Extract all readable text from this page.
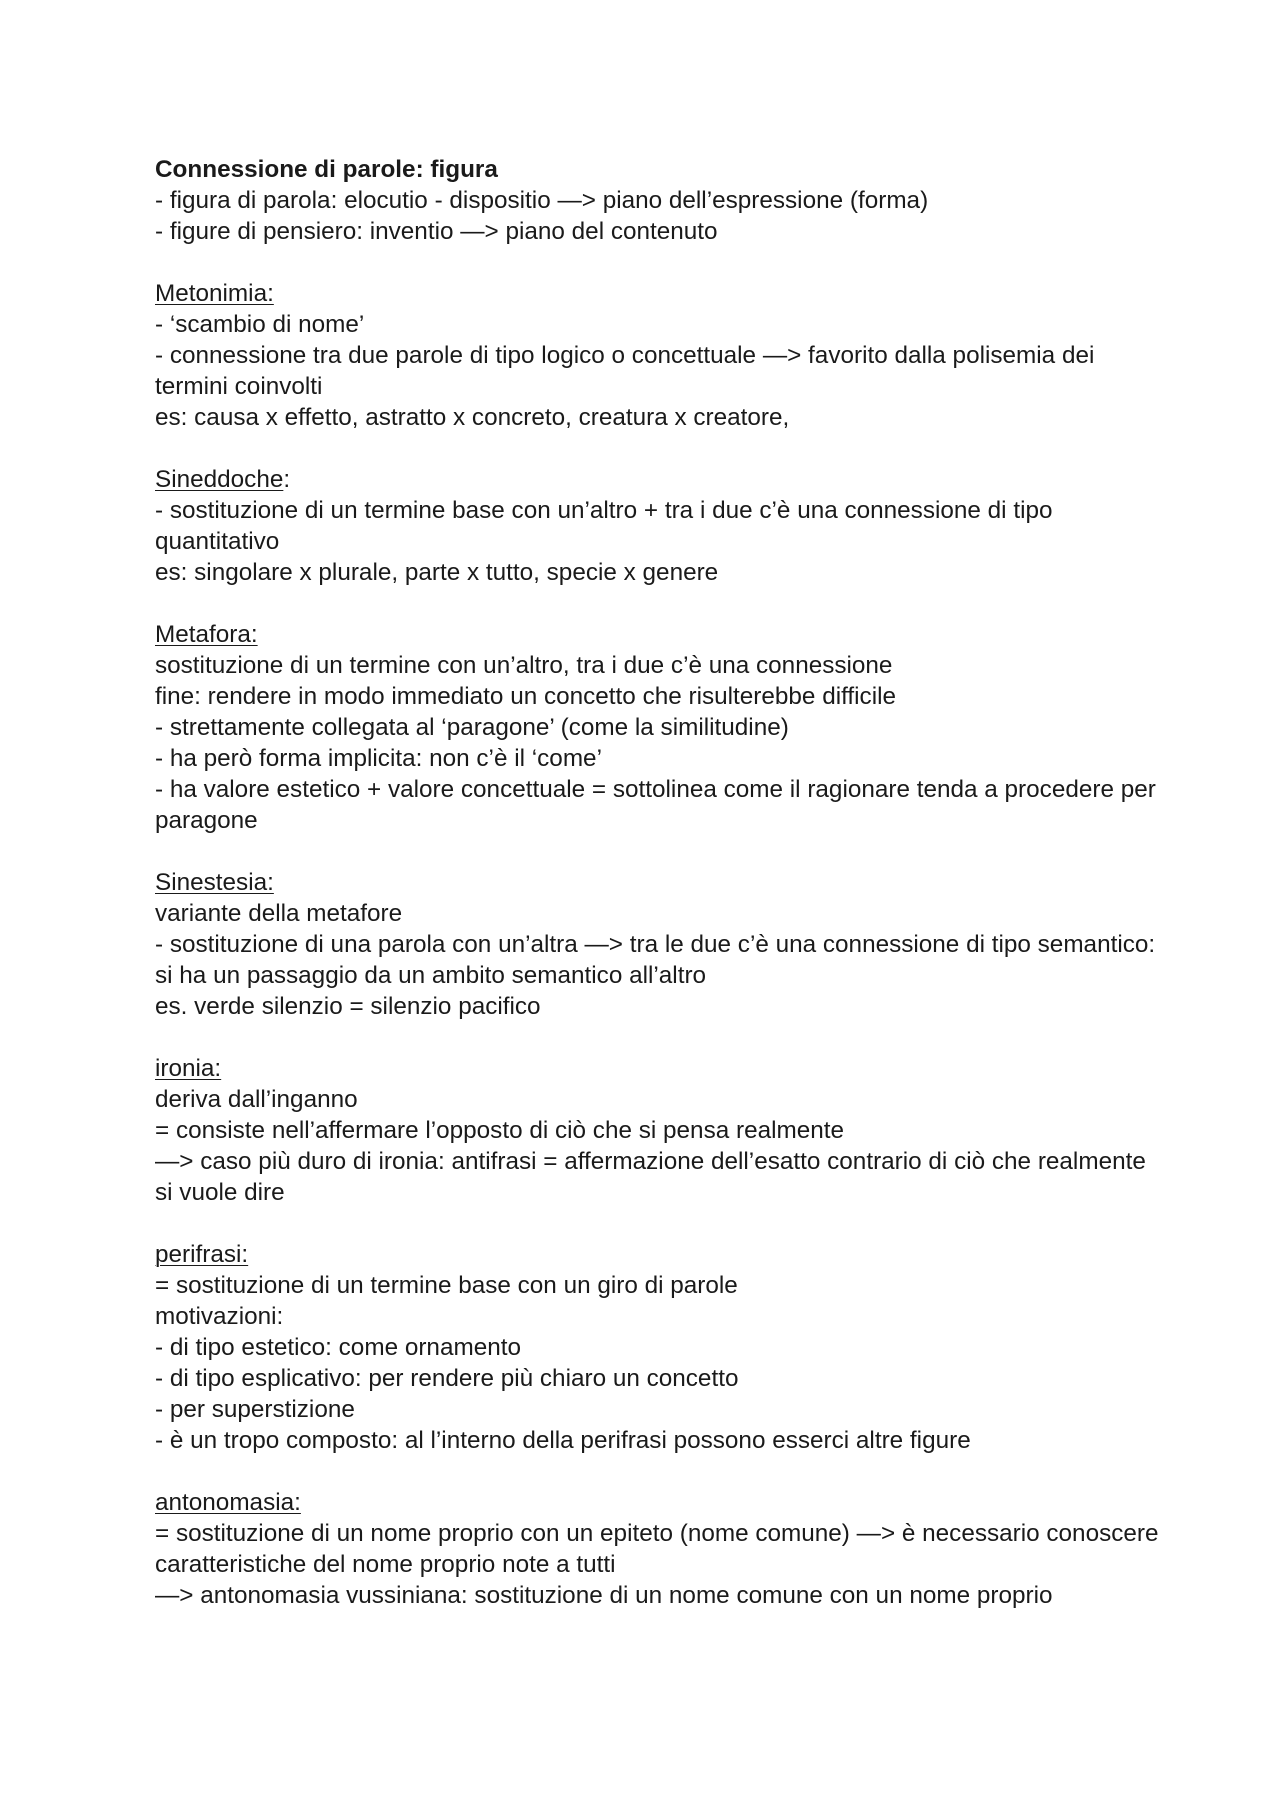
Connessione di parole: figura

- figura di parola: elocutio - dispositio —> piano dell’espressione (forma)

- figure di pensiero: inventio —> piano del contenuto

Metonimia:

- ‘scambio di nome’

- connessione tra due parole di tipo logico o concettuale —> favorito dalla polisemia dei termini coinvolti

es: causa x effetto, astratto x concreto, creatura x creatore,

Sineddoche:

- sostituzione di un termine base con un’altro + tra i due c’è una connessione di tipo quantitativo

es: singolare x plurale, parte x tutto, specie x genere

Metafora:

sostituzione di un termine con un’altro, tra i due c’è una connessione

fine: rendere in modo immediato un concetto che risulterebbe difficile

- strettamente collegata al ‘paragone’ (come la similitudine)

- ha però forma implicita: non c’è il ‘come’

- ha valore estetico + valore concettuale = sottolinea come il ragionare tenda a procedere per paragone

Sinestesia:

variante della metafore

- sostituzione di una parola con un’altra —> tra le due c’è una connessione di tipo semantico:

si ha un passaggio da un ambito semantico all’altro

es. verde silenzio = silenzio pacifico

ironia:

deriva dall’inganno

= consiste nell’affermare l’opposto di ciò che si pensa realmente

—> caso più duro di ironia: antifrasi = affermazione dell’esatto contrario di ciò che realmente si vuole dire

perifrasi:

= sostituzione di un termine base con un giro di parole

motivazioni:

- di tipo estetico: come ornamento

- di tipo esplicativo: per rendere più chiaro un concetto

- per superstizione

- è un tropo composto: al l’interno della perifrasi possono esserci altre figure

antonomasia:

= sostituzione di un nome proprio con un epiteto (nome comune) —> è necessario conoscere caratteristiche del nome proprio note a tutti

—> antonomasia vussiniana: sostituzione di un nome comune con un nome proprio
